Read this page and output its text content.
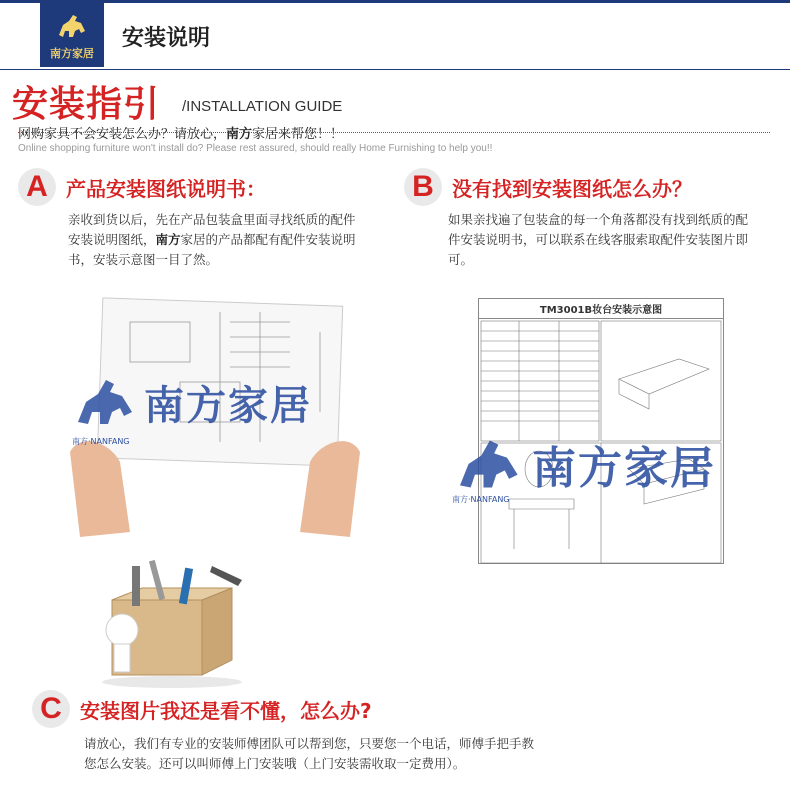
南方家居
安装说明
安装指引 /INSTALLATION GUIDE
网购家具不会安装怎么办？请放心，南方家居来帮您！！
Online shopping furniture won't install do? Please rest assured, should really Home Furnishing to help you!!
A 产品安装图纸说明书：
亲收到货以后，先在产品包装盒里面寻找纸质的配件
安装说明图纸，南方家居的产品都配有配件安装说明
书，安装示意图一目了然。
B 没有找到安装图纸怎么办？
如果亲找遍了包装盒的每一个角落都没有找到纸质的配
件安装说明书，可以联系在线客服索取配件安装图片即
可。
TM3001B妆台安装示意图
南方家居
南方·NANFANG
南方家居
南方·NANFANG
C 安装图片我还是看不懂，怎么办?
请放心，我们有专业的安装师傅团队可以帮到您，只要您一个电话，师傅手把手教
您怎么安装。还可以叫师傅上门安装哦（上门安装需收取一定费用）。
